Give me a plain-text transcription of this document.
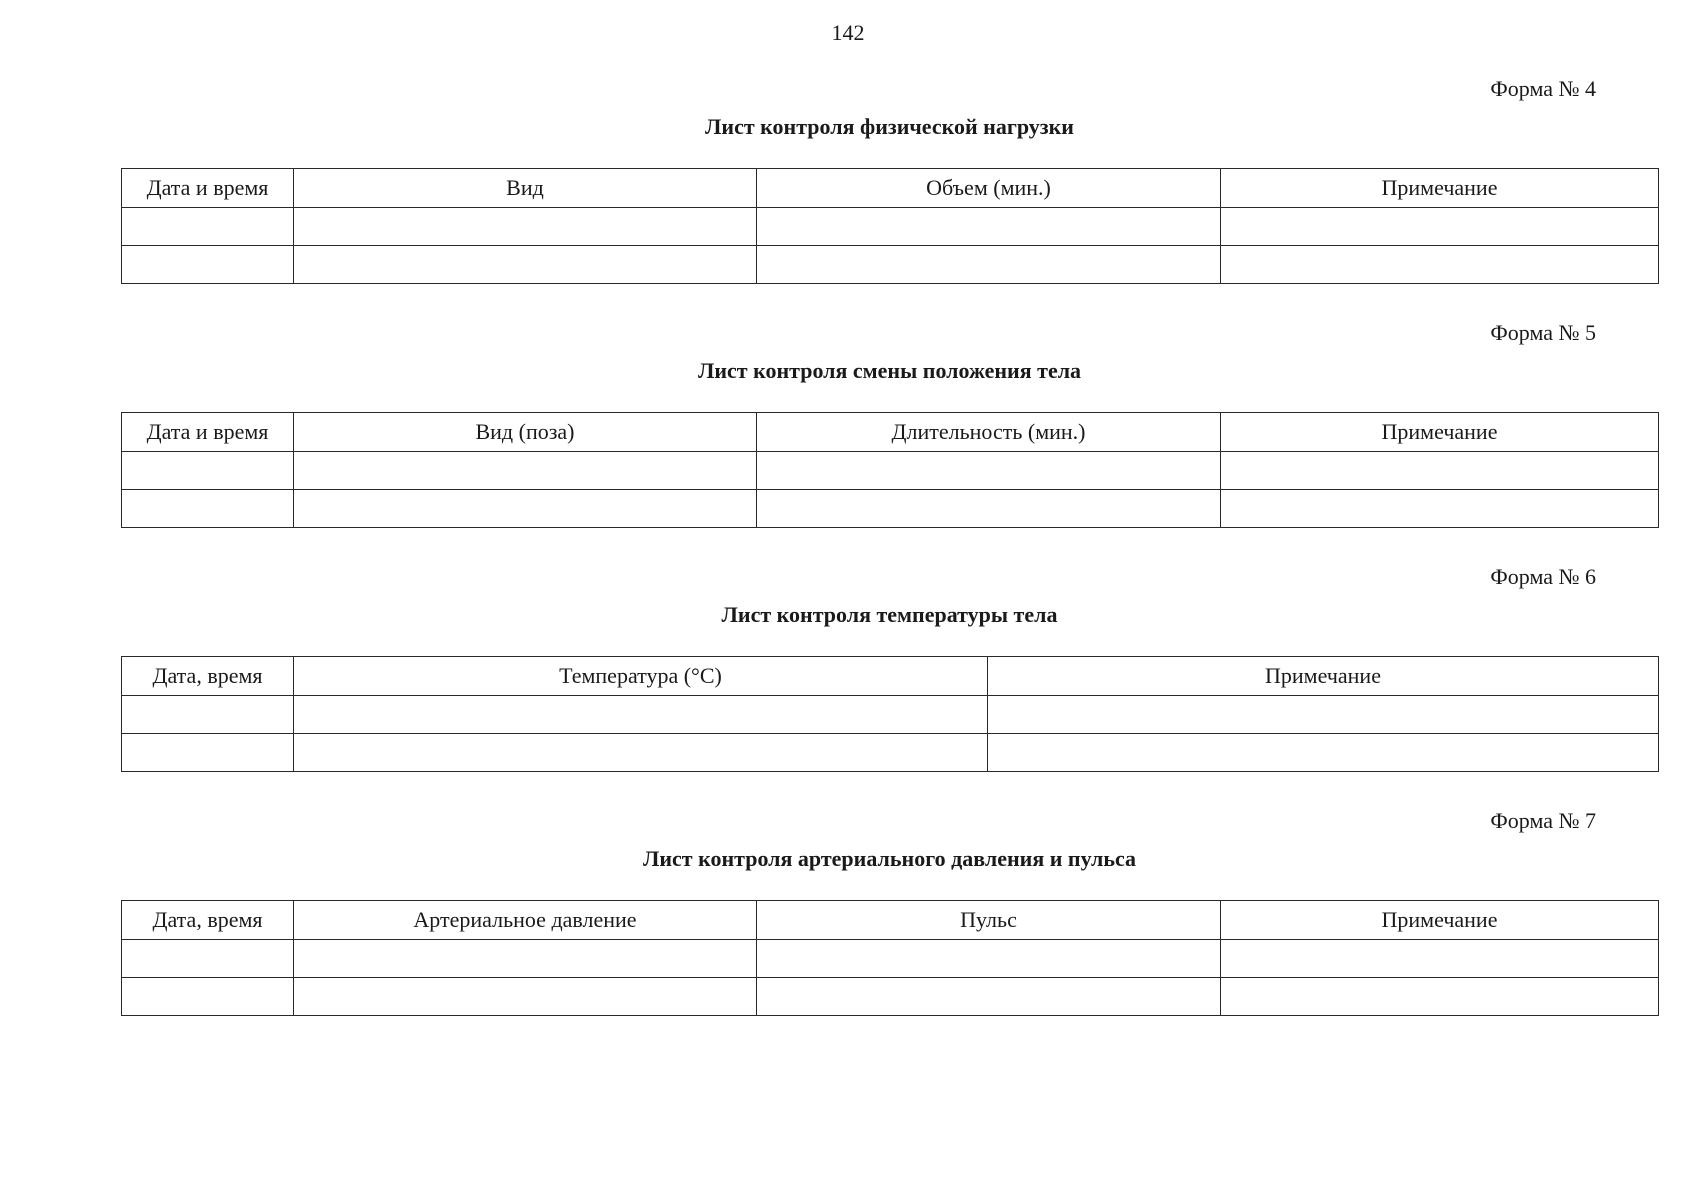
142
Форма № 4
Лист контроля физической нагрузки
Дата и время	Вид	Объем (мин.)	Примечание

Форма № 5
Лист контроля смены положения тела
Дата и время	Вид (поза)	Длительность (мин.)	Примечание

Форма № 6
Лист контроля температуры тела
Дата, время	Температура (°С)	Примечание

Форма № 7
Лист контроля артериального давления и пульса
Дата, время	Артериальное давление	Пульс	Примечание
